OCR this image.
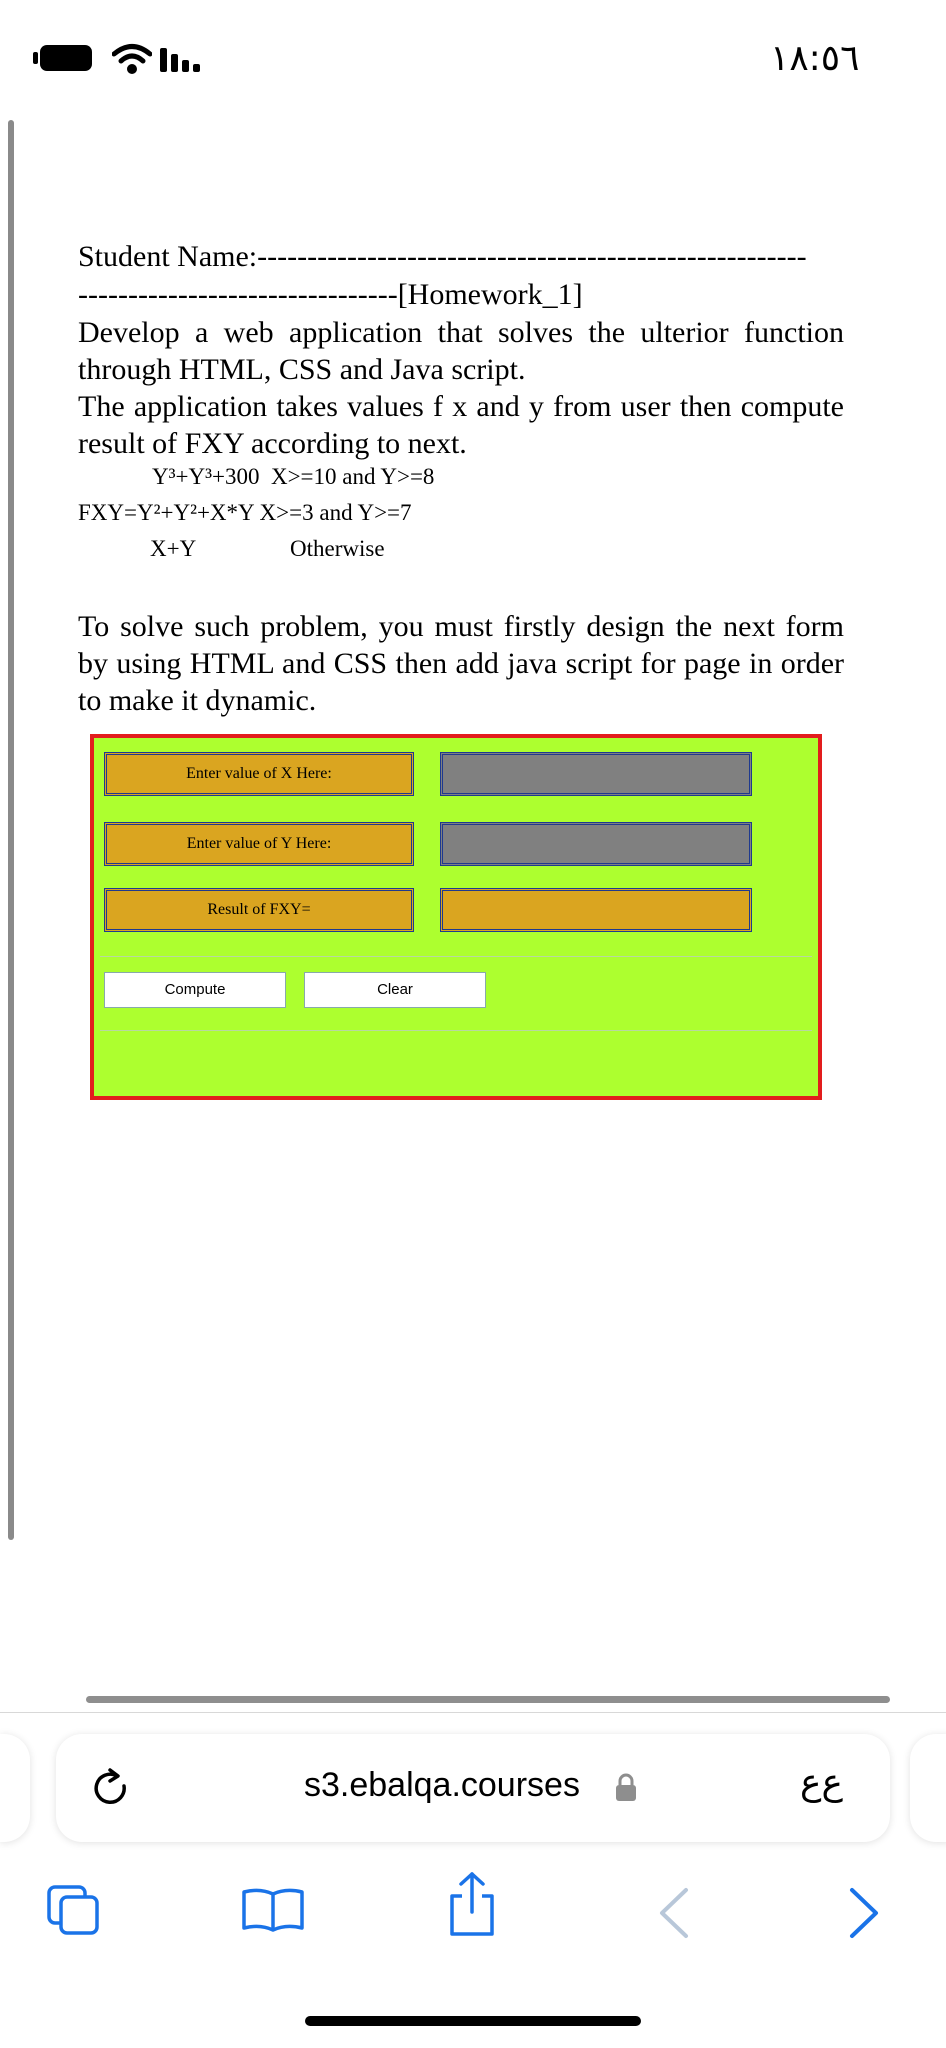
١٨:٥٦
Student Name:-------------------------------------------------------
--------------------------------[Homework_1]
Develop a web application that solves the ulterior function through HTML, CSS and Java script.
The application takes values f x and y from user then compute result of FXY according to next.
Y³+Y³+300  X>=10 and Y>=8
FXY=Y²+Y²+X*Y X>=3 and Y>=7
X+Y	Otherwise
To solve such problem, you must firstly design the next form by using HTML and CSS then add java script for page in order to make it dynamic.
Enter value of X Here:
Enter value of Y Here:
Result of FXY=
Compute	Clear
s3.ebalqa.courses	ﻉﻉ
